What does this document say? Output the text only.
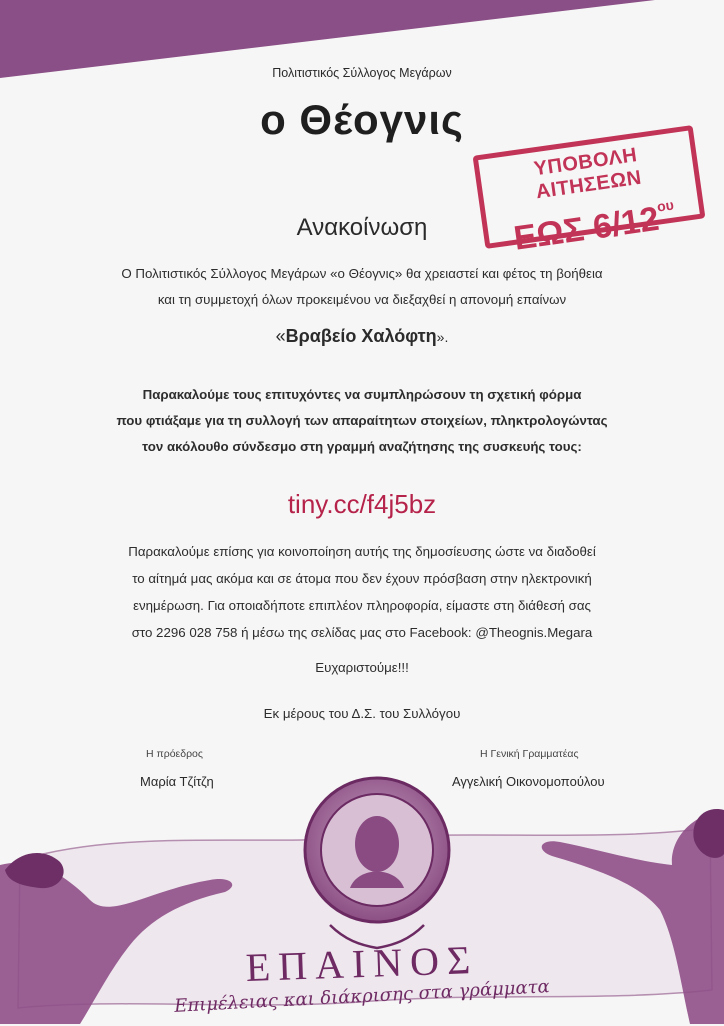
Πολιτιστικός Σύλλογος Μεγάρων
ο Θέογνις
ΥΠΟΒΟΛΗ ΑΙΤΗΣΕΩΝ
ΕΩΣ $6/12^{o\upsilon}$
Ανακοίνωση
Ο Πολιτιστικός Σύλλογος Μεγάρων «ο Θέογνις» θα χρειαστεί και φέτος τη βοήθεια
και τη συμμετοχή όλων προκειμένου να διεξαχθεί η απονομή επαίνων
«Βραβείο Χαλόφτη».
Παρακαλούμε τους επιτυχόντες να συμπληρώσουν τη σχετική φόρμα
που φτιάξαμε για τη συλλογή των απαραίτητων στοιχείων, πληκτρολογώντας
τον ακόλουθο σύνδεσμο στη γραμμή αναζήτησης της συσκευής τους:
tiny.cc/f4j5bz
Παρακαλούμε επίσης για κοινοποίηση αυτής της δημοσίευσης ώστε να διαδοθεί
το αίτημά μας ακόμα και σε άτομα που δεν έχουν πρόσβαση στην ηλεκτρονική
ενημέρωση. Για οποιαδήποτε επιπλέον πληροφορία, είμαστε στη διάθεσή σας
στο 2296 028 758 ή μέσω της σελίδας μας στο Facebook: @Theognis.Megara
Ευχαριστούμε!!!
Εκ μέρους του Δ.Σ. του Συλλόγου
Η πρόεδρος
Μαρία Τζίτζη
Η Γενική Γραμματέας
Αγγελική Οικονομοπούλου
ΕΠΑΙΝΟΣ
Επιμέλειας και διάκρισης στα γράμματα
